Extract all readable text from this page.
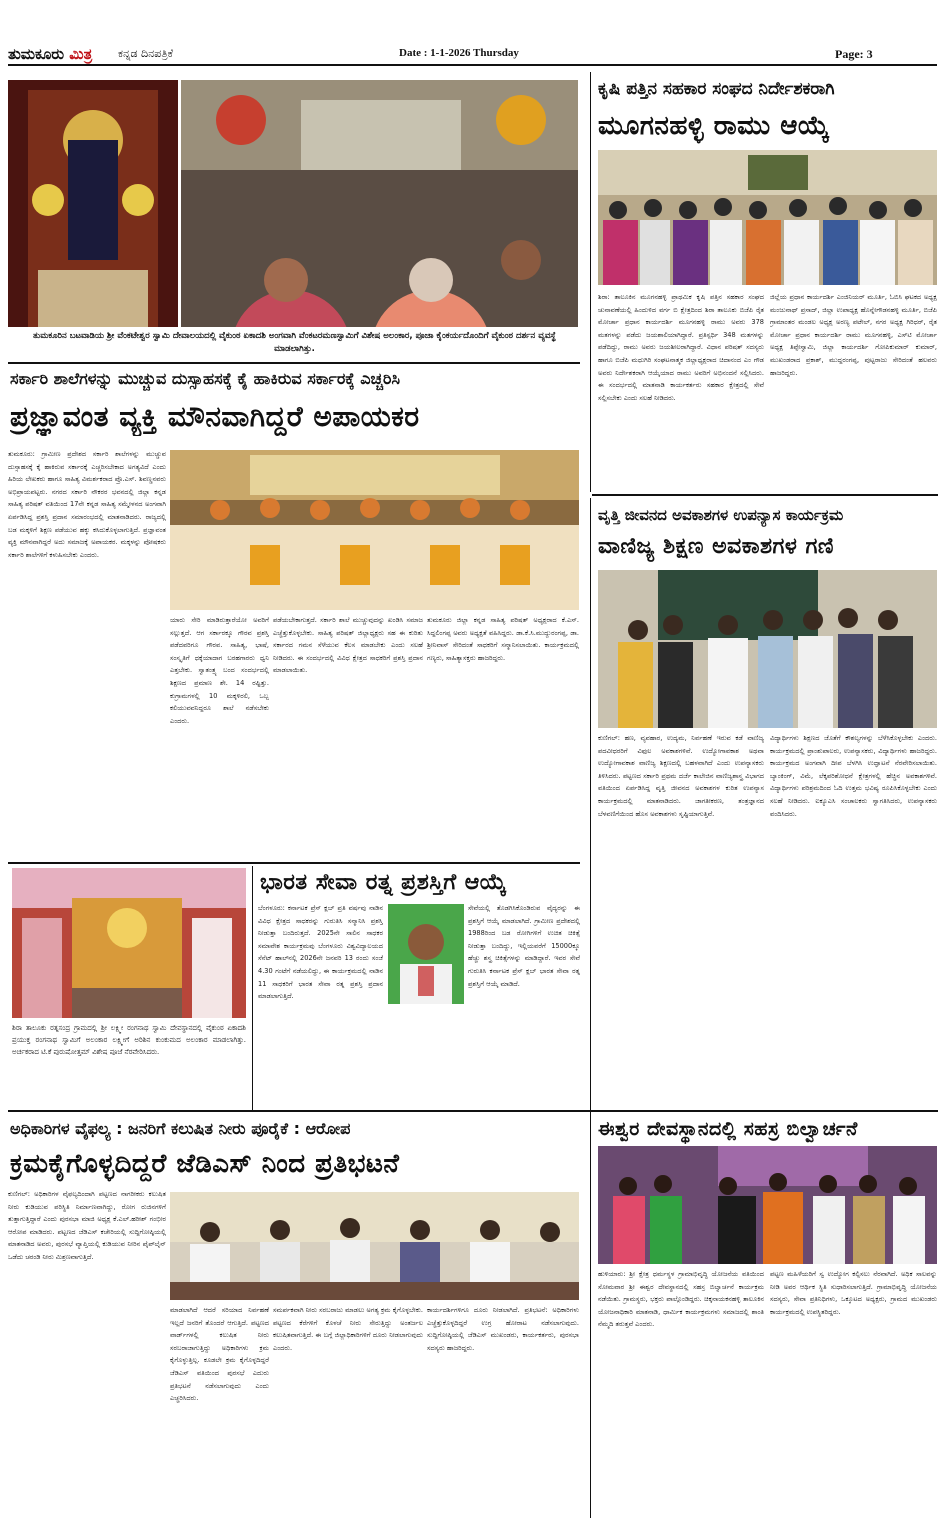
ತುಮಕೂರು ಮಿತ್ರ ಕನ್ನಡ ದಿನಪತ್ರಿಕೆ	Date : 1-1-2026 Thursday	Page: 3
ತುಮಕೂರಿನ ಬಟವಾಡಿಯ ಶ್ರೀ ವೆಂಕಟೇಶ್ವರ ಸ್ವಾಮಿ ದೇವಾಲಯದಲ್ಲಿ ವೈಕುಂಠ ಏಕಾದಶಿ ಅಂಗವಾಗಿ ವೆಂಕಟರಮಣಸ್ವಾಮಿಗೆ ವಿಶೇಷ ಅಲಂಕಾರ, ಪೂಜಾ ಕೈಂಕರ್ಯದೊಂದಿಗೆ ವೈಕುಂಠ ದರ್ಶನ ವ್ಯವಸ್ಥೆ ಮಾಡಲಾಗಿತ್ತು.
ಕೃಷಿ ಪತ್ತಿನ ಸಹಕಾರ ಸಂಘದ ನಿರ್ದೇಶಕರಾಗಿ
ಮೂಗನಹಳ್ಳಿ ರಾಮು ಆಯ್ಕೆ
ಶಿರಾ: ತಾಲೂಕಿನ ಮೂಗನಹಳ್ಳಿ ಪ್ರಾಥಮಿಕ ಕೃಷಿ ಪತ್ತಿನ ಸಹಕಾರ ಸಂಘದ ಚುನಾವಣೆಯಲ್ಲಿ ಹಿಂದುಳಿದ ವರ್ಗ ಬಿ ಕ್ಷೇತ್ರದಿಂದ ಶಿರಾ ತಾಲೂಕು ಬಿಜೆಪಿ ರೈತ ಮೋರ್ಚಾ ಪ್ರಧಾನ ಕಾರ್ಯದರ್ಶಿ ಮೂಗನಹಳ್ಳಿ ರಾಮು ಅವರು 378 ಮತಗಳನ್ನು ಪಡೆದು ಜಯಶಾಲಿಯಾಗಿದ್ದಾರೆ. ಪ್ರತಿಸ್ಪರ್ಧಿ 348 ಮತಗಳನ್ನು ಪಡೆದಿದ್ದು, ರಾಮು ಅವರು ಜಯಶೀಲರಾಗಿದ್ದಾರೆ. ವಿಧಾನ ಪರಿಷತ್ ಸದಸ್ಯರು ಹಾಗೂ ಬಿಜೆಪಿ ಮಧುಗಿರಿ ಸಂಘಟನಾತ್ಮಕ ಜಿಲ್ಲಾಧ್ಯಕ್ಷರಾದ ಚಿದಾನಂದ ಎಂ ಗೌಡ ಅವರು ನಿರ್ದೇಶಕರಾಗಿ ಆಯ್ಕೆಯಾದ ರಾಮು ಅವರಿಗೆ ಅಭಿನಂದನೆ ಸಲ್ಲಿಸಿದರು. ಈ ಸಂದರ್ಭದಲ್ಲಿ ಮಾತನಾಡಿ ಕಾರ್ಯಕರ್ತರು ಸಹಕಾರ ಕ್ಷೇತ್ರದಲ್ಲಿ ಸೇವೆ ಸಲ್ಲಿಸಬೇಕು ಎಂದು ಸಲಹೆ ನೀಡಿದರು.
ಜಿಲ್ಲೆಯ ಪ್ರಧಾನ ಕಾರ್ಯದರ್ಶಿ ಎಂಜಿನಿಯರ್ ಮೂರ್ತಿ, ಓಬಿಸಿ ಘಟಕದ ಅಧ್ಯಕ್ಷ ಮಂಜುನಾಥ್ ಪ್ರಸಾದ್, ಜಿಲ್ಲಾ ಉಪಾಧ್ಯಕ್ಷ ಹೊನ್ನೇಗೌಡನಹಳ್ಳಿ ಮೂರ್ತಿ, ಬಿಜೆಪಿ ಗ್ರಾಮಾಂತರ ಮಂಡಲ ಅಧ್ಯಕ್ಷ ಅರಣ್ಯ ಪಟೇಲ್, ನಗರ ಅಧ್ಯಕ್ಷ ಗಿರಿಧರ್, ರೈತ ಮೋರ್ಚಾ ಪ್ರಧಾನ ಕಾರ್ಯದರ್ಶಿ ರಾಮು ಮೂಗನಹಳ್ಳಿ, ಎಸ್‍ಟಿ ಮೋರ್ಚಾ ಅಧ್ಯಕ್ಷ ತಿಪ್ಪೇಸ್ವಾಮಿ, ಜಿಲ್ಲಾ ಕಾರ್ಯದರ್ಶಿ ಗೋಪಿಕುಮಾರ್ ಕುಮಾರ್, ಮುಖಂಡರಾದ ಪ್ರಕಾಶ್, ಮುದ್ದರಂಗಪ್ಪ, ಪುಟ್ಟರಾಜು ಸೇರಿದಂತೆ ಹಲವರು ಹಾಜರಿದ್ದರು.
ಸರ್ಕಾರಿ ಶಾಲೆಗಳನ್ನು ಮುಚ್ಚುವ ದುಸ್ಸಾಹಸಕ್ಕೆ ಕೈ ಹಾಕಿರುವ ಸರ್ಕಾರಕ್ಕೆ ಎಚ್ಚರಿಸಿ
ಪ್ರಜ್ಞಾವಂತ ವ್ಯಕ್ತಿ ಮೌನವಾಗಿದ್ದರೆ ಅಪಾಯಕರ
ತುಮಕೂರು: ಗ್ರಾಮೀಣ ಪ್ರದೇಶದ ಸರ್ಕಾರಿ ಶಾಲೆಗಳನ್ನು ಮುಚ್ಚುವ ದುಸ್ಸಾಹಸಕ್ಕೆ ಕೈ ಹಾಕಿರುವ ಸರ್ಕಾರಕ್ಕೆ ಎಚ್ಚರಿಸಬೇಕಾದ ಅಗತ್ಯವಿದೆ ಎಂದು ಹಿರಿಯ ಲೇಖಕರು ಹಾಗೂ ಸಾಹಿತ್ಯ ವಿಮರ್ಶಕರಾದ ಪ್ರೊ.ಎಸ್. ಶಿವಣ್ಣನವರು ಅಭಿಪ್ರಾಯಪಟ್ಟರು. ನಗರದ ಸರ್ಕಾರಿ ನೌಕರರ ಭವನದಲ್ಲಿ ಜಿಲ್ಲಾ ಕನ್ನಡ ಸಾಹಿತ್ಯ ಪರಿಷತ್ ವತಿಯಿಂದ 17ನೇ ಕನ್ನಡ ಸಾಹಿತ್ಯ ಸಮ್ಮೇಳನದ ಅಂಗವಾಗಿ ಏರ್ಪಡಿಸಿದ್ದ ಪ್ರಶಸ್ತಿ ಪ್ರದಾನ ಸಮಾರಂಭದಲ್ಲಿ ಮಾತನಾಡಿದರು. ರಾಜ್ಯದಲ್ಲಿ ಬಡ ಮಕ್ಕಳಿಗೆ ಶಿಕ್ಷಣ ಪಡೆಯುವ ಹಕ್ಕು ಕಸಿದುಕೊಳ್ಳಲಾಗುತ್ತಿದೆ. ಪ್ರಜ್ಞಾವಂತ ವ್ಯಕ್ತಿ ಮೌನವಾಗಿದ್ದರೆ ಅದು ಸಮಾಜಕ್ಕೆ ಅಪಾಯಕರ. ಮಕ್ಕಳನ್ನು ಪೋಷಕರು ಸರ್ಕಾರಿ ಶಾಲೆಗಳಿಗೆ ಕಳುಹಿಸಬೇಕು ಎಂದರು.
ಯಾರು ಸೇರಿ ಮಾಡಿರುತ್ತಾರೆಯೋ ಅವರಿಗೆ ಸಲ್ಲುತ್ತದೆ. ಆಗ ಸರ್ಕಾರಕ್ಕೂ ಗೌರವ ಪ್ರಶಸ್ತಿ ಪಡೆದವರಿಗೂ ಗೌರವ. ಸಾಹಿತ್ಯ, ಭಾಷೆ, ಸಂಸ್ಕೃತಿಗೆ ಧಕ್ಕೆಯಾದಾಗ ಬರಹಗಾರರು ಧ್ವನಿ ಎತ್ತಬೇಕು. ಸ್ವಾತಂತ್ರ್ಯ ಬಂದ ಸಂದರ್ಭದಲ್ಲಿ ಶಿಕ್ಷಣದ ಪ್ರಮಾಣ ಶೇ. 14 ರಷ್ಟಿತ್ತು. ಕುಗ್ರಾಮಗಳಲ್ಲಿ 10 ಮಕ್ಕಳಿರಲಿ, ಒಬ್ಬ ಕಲಿಯುವವನಿದ್ದರೂ ಶಾಲೆ ನಡೆಸಬೇಕು ಎಂದರು.
ಪಡೆಯಬೇಕಾಗುತ್ತದೆ. ಸರ್ಕಾರಿ ಶಾಲೆ ಮುಚ್ಚುವುದನ್ನು ಖಂಡಿಸಿ ಸಮಾಜ ಎಚ್ಚೆತ್ತುಕೊಳ್ಳಬೇಕು. ಸಾಹಿತ್ಯ ಪರಿಷತ್ ಜಿಲ್ಲಾಧ್ಯಕ್ಷರು ಸಹ ಈ ಕುರಿತು ಸರ್ಕಾರದ ಗಮನ ಸೆಳೆಯುವ ಕೆಲಸ ಮಾಡಬೇಕು ಎಂದು ಸಲಹೆ ನೀಡಿದರು. ಈ ಸಂದರ್ಭದಲ್ಲಿ ವಿವಿಧ ಕ್ಷೇತ್ರದ ಸಾಧಕರಿಗೆ ಪ್ರಶಸ್ತಿ ಪ್ರದಾನ ಮಾಡಲಾಯಿತು.
ತುಮಕೂರು ಜಿಲ್ಲಾ ಕನ್ನಡ ಸಾಹಿತ್ಯ ಪರಿಷತ್ ಅಧ್ಯಕ್ಷರಾದ ಕೆ.ಎಸ್. ಸಿದ್ದಲಿಂಗಪ್ಪ ಅವರು ಅಧ್ಯಕ್ಷತೆ ವಹಿಸಿದ್ದರು. ಡಾ.ಕೆ.ಸಿ.ಮುದ್ದುರಂಗಪ್ಪ, ಡಾ. ಶ್ರೀನಿವಾಸ್ ಸೇರಿದಂತೆ ಸಾಧಕರಿಗೆ ಸನ್ಮಾನಿಸಲಾಯಿತು. ಕಾರ್ಯಕ್ರಮದಲ್ಲಿ ಗಣ್ಯರು, ಸಾಹಿತ್ಯಾಸಕ್ತರು ಹಾಜರಿದ್ದರು.
ವೃತ್ತಿ ಜೀವನದ ಅವಕಾಶಗಳ ಉಪನ್ಯಾಸ ಕಾರ್ಯಕ್ರಮ
ವಾಣಿಜ್ಯ ಶಿಕ್ಷಣ ಅವಕಾಶಗಳ ಗಣಿ
ಕುಣಿಗಲ್: ಹಣ, ವ್ಯವಹಾರ, ಉದ್ಯಮ, ನಿರ್ವಹಣೆ ಇರುವ ಕಡೆ ವಾಣಿಜ್ಯ ಪದವೀಧರರಿಗೆ ವಿಫುಲ ಅವಕಾಶಗಳಿವೆ. ಉದ್ಯೋಗಾವಕಾಶ ಅಥವಾ ಉದ್ಯೋಗಾವಕಾಶ ವಾಣಿಜ್ಯ ಶಿಕ್ಷಣದಲ್ಲಿ ಬಹಳವಾಗಿದೆ ಎಂದು ಉಪನ್ಯಾಸಕರು ತಿಳಿಸಿದರು. ಪಟ್ಟಣದ ಸರ್ಕಾರಿ ಪ್ರಥಮ ದರ್ಜೆ ಕಾಲೇಜಿನ ವಾಣಿಜ್ಯಶಾಸ್ತ್ರ ವಿಭಾಗದ ವತಿಯಿಂದ ಏರ್ಪಡಿಸಿದ್ದ ವೃತ್ತಿ ಜೀವನದ ಅವಕಾಶಗಳ ಕುರಿತ ಉಪನ್ಯಾಸ ಕಾರ್ಯಕ್ರಮದಲ್ಲಿ ಮಾತನಾಡಿದರು. ಜಾಗತೀಕರಣ, ತಂತ್ರಜ್ಞಾನದ ಬೆಳವಣಿಗೆಯಿಂದ ಹೊಸ ಅವಕಾಶಗಳು ಸೃಷ್ಟಿಯಾಗುತ್ತಿವೆ.
ವಿದ್ಯಾರ್ಥಿಗಳು ಶಿಕ್ಷಣದ ಜೊತೆಗೆ ಕೌಶಲ್ಯಗಳನ್ನು ಬೆಳೆಸಿಕೊಳ್ಳಬೇಕು ಎಂದರು. ಕಾರ್ಯಕ್ರಮದಲ್ಲಿ ಪ್ರಾಂಶುಪಾಲರು, ಉಪನ್ಯಾಸಕರು, ವಿದ್ಯಾರ್ಥಿಗಳು ಹಾಜರಿದ್ದರು. ಕಾರ್ಯಕ್ರಮದ ಅಂಗವಾಗಿ ದೀಪ ಬೆಳಗಿಸಿ ಉದ್ಘಾಟನೆ ನೆರವೇರಿಸಲಾಯಿತು. ಬ್ಯಾಂಕಿಂಗ್, ವಿಮೆ, ಲೆಕ್ಕಪರಿಶೋಧನೆ ಕ್ಷೇತ್ರಗಳಲ್ಲಿ ಹೆಚ್ಚಿನ ಅವಕಾಶಗಳಿವೆ. ವಿದ್ಯಾರ್ಥಿಗಳು ಪರಿಶ್ರಮದಿಂದ ಓದಿ ಉತ್ತಮ ಭವಿಷ್ಯ ರೂಪಿಸಿಕೊಳ್ಳಬೇಕು ಎಂದು ಸಲಹೆ ನೀಡಿದರು. ಐಕ್ಯೂಎಸಿ ಸಂಚಾಲಕರು ಸ್ವಾಗತಿಸಿದರು, ಉಪನ್ಯಾಸಕರು ವಂದಿಸಿದರು.
ಶಿರಾ ತಾಲೂಕು ರತ್ನಸಂದ್ರ ಗ್ರಾಮದಲ್ಲಿ ಶ್ರೀ ಲಕ್ಷ್ಮೀ ರಂಗನಾಥ ಸ್ವಾಮಿ ದೇವಸ್ಥಾನದಲ್ಲಿ ವೈಕುಂಠ ಏಕಾದಶಿ ಪ್ರಯುಕ್ತ ರಂಗನಾಥ ಸ್ವಾಮಿಗೆ ಅಲಂಕಾರ ಲಕ್ಷ್ಮೀಗೆ ಅರಿಶಿನ ಕುಂಕುಮದ ಅಲಂಕಾರ ಮಾಡಲಾಗಿತ್ತು. ಅರ್ಚಕರಾದ ಟಿ.ಕೆ ಪುರುಷೋತ್ತಮ್ ವಿಶೇಷ ಪೂಜೆ ನೆರವೇರಿಸಿದರು.
ಭಾರತ ಸೇವಾ ರತ್ನ ಪ್ರಶಸ್ತಿಗೆ ಆಯ್ಕೆ
ಬೆಂಗಳೂರು: ಕರ್ನಾಟಕ ಪ್ರೆಸ್ ಕ್ಲಬ್ ಪ್ರತಿ ವರ್ಷವು ನಾಡಿನ ವಿವಿಧ ಕ್ಷೇತ್ರದ ಸಾಧಕರನ್ನು ಗುರುತಿಸಿ ಸನ್ಮಾನಿಸಿ ಪ್ರಶಸ್ತಿ ನೀಡುತ್ತಾ ಬಂದಿರುತ್ತದೆ. 2025ನೇ ಸಾಲಿನ ಸಾಧಕರ ಸಮಾವೇಶ ಕಾರ್ಯಕ್ರಮವು ಬೆಂಗಳೂರು ವಿಶ್ವವಿದ್ಯಾಲಯದ ಸೆನೆಟ್ ಹಾಲ್‍ನಲ್ಲಿ 2026ನೇ ಜನವರಿ 13 ರಂದು ಸಂಜೆ 4.30 ಗಂಟೆಗೆ ನಡೆಯಲಿದ್ದು, ಈ ಕಾರ್ಯಕ್ರಮದಲ್ಲಿ ನಾಡಿನ 11 ಸಾಧಕರಿಗೆ ಭಾರತ ಸೇವಾ ರತ್ನ ಪ್ರಶಸ್ತಿ ಪ್ರದಾನ ಮಾಡಲಾಗುತ್ತಿದೆ.
ಸೇವೆಯಲ್ಲಿ ತೊಡಗಿಸಿಕೊಂಡಿರುವ ವೈದ್ಯರನ್ನು ಈ ಪ್ರಶಸ್ತಿಗೆ ಆಯ್ಕೆ ಮಾಡಲಾಗಿದೆ. ಗ್ರಾಮೀಣ ಪ್ರದೇಶದಲ್ಲಿ 1988ರಿಂದ ಬಡ ರೋಗಿಗಳಿಗೆ ಉಚಿತ ಚಿಕಿತ್ಸೆ ನೀಡುತ್ತಾ ಬಂದಿದ್ದು, ಇಲ್ಲಿಯವರೆಗೆ 15000ಕ್ಕೂ ಹೆಚ್ಚು ಶಸ್ತ್ರ ಚಿಕಿತ್ಸೆಗಳನ್ನು ಮಾಡಿದ್ದಾರೆ. ಇವರ ಸೇವೆ ಗುರುತಿಸಿ ಕರ್ನಾಟಕ ಪ್ರೆಸ್ ಕ್ಲಬ್ ಭಾರತ ಸೇವಾ ರತ್ನ ಪ್ರಶಸ್ತಿಗೆ ಆಯ್ಕೆ ಮಾಡಿದೆ.
ಅಧಿಕಾರಿಗಳ ವೈಫಲ್ಯ : ಜನರಿಗೆ ಕಲುಷಿತ ನೀರು ಪೂರೈಕೆ : ಆರೋಪ
ಕ್ರಮಕೈಗೊಳ್ಳದಿದ್ದರೆ ಜೆಡಿಎಸ್ ನಿಂದ ಪ್ರತಿಭಟನೆ
ಕುಣಿಗಲ್: ಅಧಿಕಾರಿಗಳ ವೈಫಲ್ಯದಿಂದಾಗಿ ಪಟ್ಟಣದ ನಾಗರೀಕರು ಕಲುಷಿತ ನೀರು ಕುಡಿಯುವ ಪರಿಸ್ಥಿತಿ ನಿರ್ಮಾಣವಾಗಿದ್ದು, ರೋಗ ರುಜಿನಗಳಿಗೆ ತುತ್ತಾಗುತ್ತಿದ್ದಾರೆ ಎಂದು ಪುರಸಭಾ ಮಾಜಿ ಅಧ್ಯಕ್ಷ ಕೆ.ಎಲ್.ಹರೀಶ್ ಗಂಭೀರ ಆರೋಪ ಮಾಡಿದರು. ಪಟ್ಟಣದ ಜೆಡಿಎಸ್ ಕಚೇರಿಯಲ್ಲಿ ಸುದ್ದಿಗೋಷ್ಠಿಯಲ್ಲಿ ಮಾತನಾಡಿದ ಅವರು, ಪುರಸಭೆ ವ್ಯಾಪ್ತಿಯಲ್ಲಿ ಕುಡಿಯುವ ನೀರಿನ ಪೈಪ್‍ಲೈನ್ ಒಡೆದು ಚರಂಡಿ ನೀರು ಮಿಶ್ರಣವಾಗುತ್ತಿದೆ.
ಮಾಡಲಾಗಿದೆ ಆದರೆ ಸರಿಯಾದ ನಿರ್ವಹಣೆ ಇಲ್ಲದೆ ಜನರಿಗೆ ತೊಂದರೆ ಆಗುತ್ತಿದೆ. ಪಟ್ಟಣದ ವಾರ್ಡ್‍ಗಳಲ್ಲಿ ಕಲುಷಿತ ನೀರು ಸರಬರಾಜಾಗುತ್ತಿದ್ದು ಅಧಿಕಾರಿಗಳು ಕ್ರಮ ಕೈಗೊಳ್ಳುತ್ತಿಲ್ಲ. ಕೂಡಲೇ ಕ್ರಮ ಕೈಗೊಳ್ಳದಿದ್ದರೆ ಜೆಡಿಎಸ್ ವತಿಯಿಂದ ಪುರಸಭೆ ಎದುರು ಪ್ರತಿಭಟನೆ ನಡೆಸಲಾಗುವುದು ಎಂದು ಎಚ್ಚರಿಸಿದರು.
ಸಮರ್ಪಕವಾಗಿ ನೀರು ಸರಬರಾಜು ಮಾಡಲು ಅಗತ್ಯ ಕ್ರಮ ಕೈಗೊಳ್ಳಬೇಕು. ಪಟ್ಟಣದ ಕೆರೆಗಳಿಗೆ ಕೊಳಚೆ ನೀರು ಸೇರುತ್ತಿದ್ದು ಅಂತರ್ಜಲ ಕಲುಷಿತವಾಗುತ್ತಿದೆ. ಈ ಬಗ್ಗೆ ಜಿಲ್ಲಾಧಿಕಾರಿಗಳಿಗೆ ದೂರು ನೀಡಲಾಗುವುದು ಎಂದರು.
ಕಾರ್ಯದರ್ಶಿಗಳಿಗೂ ದೂರು ನೀಡಲಾಗಿದೆ. ಪ್ರತಿಭಟನೆ: ಅಧಿಕಾರಿಗಳು ಎಚ್ಚೆತ್ತುಕೊಳ್ಳದಿದ್ದರೆ ಉಗ್ರ ಹೋರಾಟ ನಡೆಸಲಾಗುವುದು. ಸುದ್ದಿಗೋಷ್ಠಿಯಲ್ಲಿ ಜೆಡಿಎಸ್ ಮುಖಂಡರು, ಕಾರ್ಯಕರ್ತರು, ಪುರಸಭಾ ಸದಸ್ಯರು ಹಾಜರಿದ್ದರು.
ಈಶ್ವರ ದೇವಸ್ಥಾನದಲ್ಲಿ ಸಹಸ್ರ ಬಿಲ್ವಾರ್ಚನೆ
ಹುಳಿಯಾರು: ಶ್ರೀ ಕ್ಷೇತ್ರ ಧರ್ಮಸ್ಥಳ ಗ್ರಾಮಾಭಿವೃದ್ಧಿ ಯೋಜನೆಯ ವತಿಯಿಂದ ಸೋಮವಾರ ಶ್ರೀ ಈಶ್ವರ ದೇವಸ್ಥಾನದಲ್ಲಿ ಸಹಸ್ರ ಬಿಲ್ವಾರ್ಚನೆ ಕಾರ್ಯಕ್ರಮ ನಡೆಯಿತು. ಗ್ರಾಮಸ್ಥರು, ಭಕ್ತರು ಪಾಲ್ಗೊಂಡಿದ್ದರು. ಚಿಕ್ಕನಾಯಕನಹಳ್ಳಿ ತಾಲೂಕಿನ ಯೋಜನಾಧಿಕಾರಿ ಮಾತನಾಡಿ, ಧಾರ್ಮಿಕ ಕಾರ್ಯಕ್ರಮಗಳು ಸಮಾಜದಲ್ಲಿ ಶಾಂತಿ ನೆಮ್ಮದಿ ತರುತ್ತವೆ ಎಂದರು.
ಪಟ್ಟಣ ಮಹಿಳೆಯರಿಗೆ ಸ್ವ ಉದ್ಯೋಗ ಕಲ್ಪಿಸಲು ನೆರವಾಗಿದೆ. ಅಧಿಕ ಸಾಲವನ್ನು ನೀಡಿ ಅವರ ಆರ್ಥಿಕ ಸ್ಥಿತಿ ಸುಧಾರಿಸಲಾಗುತ್ತಿದೆ. ಗ್ರಾಮಾಭಿವೃದ್ಧಿ ಯೋಜನೆಯ ಸದಸ್ಯರು, ಸೇವಾ ಪ್ರತಿನಿಧಿಗಳು, ಒಕ್ಕೂಟದ ಅಧ್ಯಕ್ಷರು, ಗ್ರಾಮದ ಮುಖಂಡರು ಕಾರ್ಯಕ್ರಮದಲ್ಲಿ ಉಪಸ್ಥಿತರಿದ್ದರು.
